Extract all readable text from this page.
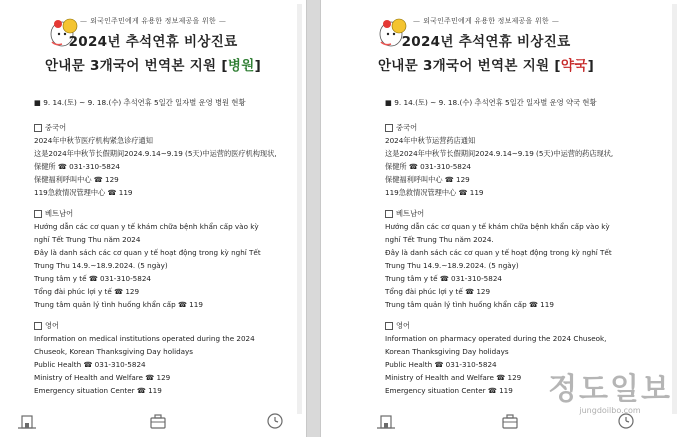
— 외국인주민에게 유용한 정보제공을 위한 —
2024년 추석연휴 비상진료
안내문 3개국어 번역본 지원 [병원]
■ 9. 14.(토) ~ 9. 18.(수) 추석연휴 5일간 일자별 운영 병원 현황
중국어
2024年中秋节医疗机构紧急诊疗通知
这是2024年中秋节长假期间2024.9.14~9.19 (5天)中运营的医疗机构现状,
保健所 ☎ 031-310-5824
保健福利呼叫中心 ☎ 129
119急救情况管理中心 ☎ 119
베트남어
Hướng dẫn các cơ quan y tế khám chữa bệnh khẩn cấp vào kỳ
nghỉ Tết Trung Thu năm 2024
Đây là danh sách các cơ quan y tế hoạt động trong kỳ nghỉ Tết
Trung Thu 14.9.~18.9.2024. (5 ngày)
Trung tâm y tế ☎ 031-310-5824
Tổng đài phúc lợi y tế ☎ 129
Trung tâm quản lý tình huống khẩn cấp ☎ 119
영어
Information on medical institutions operated during the 2024
Chuseok, Korean Thanksgiving Day holidays
Public Health ☎ 031-310-5824
Ministry of Health and Welfare ☎ 129
Emergency situation Center ☎ 119
— 외국인주민에게 유용한 정보제공을 위한 —
2024년 추석연휴 비상진료
안내문 3개국어 번역본 지원 [약국]
■ 9. 14.(토) ~ 9. 18.(수) 추석연휴 5일간 일자별 운영 약국 현황
중국어
2024年中秋节运营药店通知
这是2024年中秋节长假期间2024.9.14~9.19 (5天)中运营的药店现状,
保健所 ☎ 031-310-5824
保健福利呼叫中心 ☎ 129
119急救情况管理中心 ☎ 119
베트남어
Hướng dẫn các cơ quan y tế khám chữa bệnh khẩn cấp vào kỳ
nghỉ Tết Trung Thu năm 2024.
Đây là danh sách các cơ quan y tế hoạt động trong kỳ nghỉ Tết
Trung Thu 14.9.~18.9.2024. (5 ngày)
Trung tâm y tế ☎ 031-310-5824
Tổng đài phúc lợi y tế ☎ 129
Trung tâm quản lý tình huống khẩn cấp ☎ 119
영어
Information on pharmacy operated during the 2024 Chuseok,
Korean Thanksgiving Day holidays
Public Health ☎ 031-310-5824
Ministry of Health and Welfare ☎ 129
Emergency situation Center ☎ 119	정도일보
jungdoilbo.com
